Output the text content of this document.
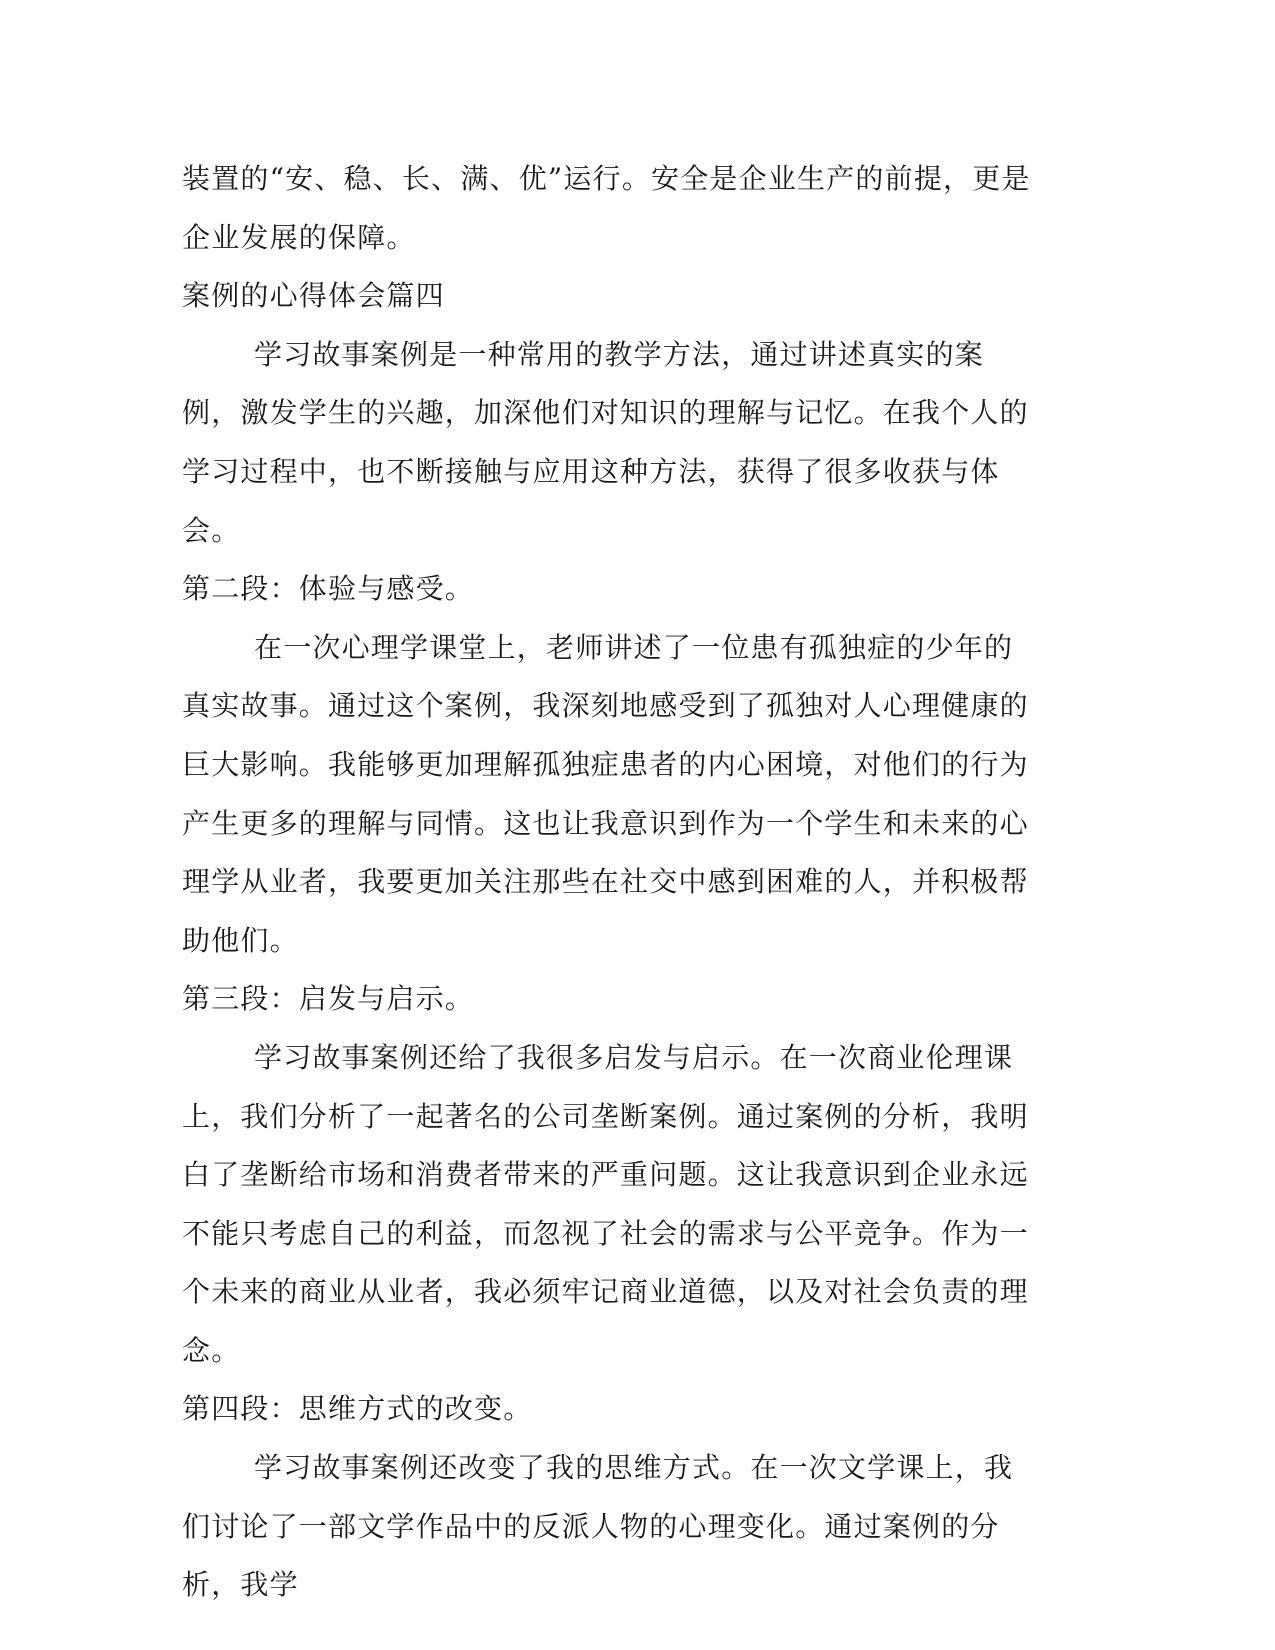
装置的“安、稳、长、满、优”运行。安全是企业生产的前提，更是企业发展的保障。

案例的心得体会篇四

学习故事案例是一种常用的教学方法，通过讲述真实的案例，激发学生的兴趣，加深他们对知识的理解与记忆。在我个人的学习过程中，也不断接触与应用这种方法，获得了很多收获与体会。

第二段：体验与感受。

在一次心理学课堂上，老师讲述了一位患有孤独症的少年的真实故事。通过这个案例，我深刻地感受到了孤独对人心理健康的巨大影响。我能够更加理解孤独症患者的内心困境，对他们的行为产生更多的理解与同情。这也让我意识到作为一个学生和未来的心理学从业者，我要更加关注那些在社交中感到困难的人，并积极帮助他们。

第三段：启发与启示。

学习故事案例还给了我很多启发与启示。在一次商业伦理课上，我们分析了一起著名的公司垄断案例。通过案例的分析，我明白了垄断给市场和消费者带来的严重问题。这让我意识到企业永远不能只考虑自己的利益，而忽视了社会的需求与公平竞争。作为一个未来的商业从业者，我必须牢记商业道德，以及对社会负责的理念。

第四段：思维方式的改变。

学习故事案例还改变了我的思维方式。在一次文学课上，我们讨论了一部文学作品中的反派人物的心理变化。通过案例的分析，我学
